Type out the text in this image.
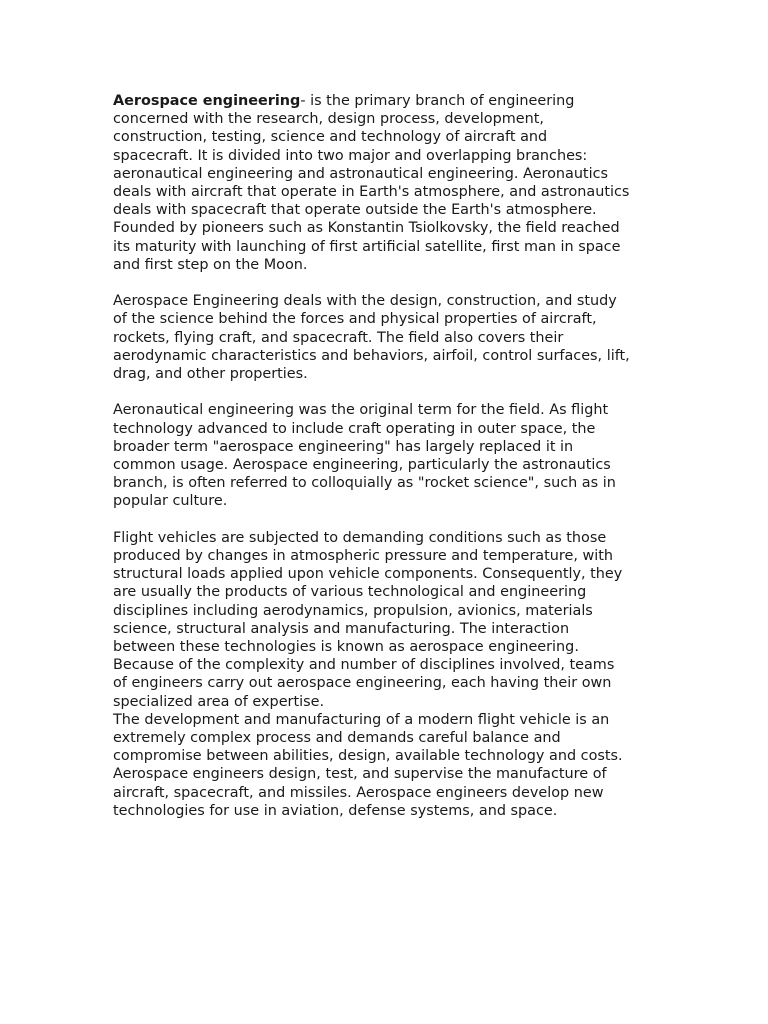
Aerospace engineering- is the primary branch of engineering
concerned with the research, design process, development,
construction, testing, science and technology of aircraft and
spacecraft. It is divided into two major and overlapping branches:
aeronautical engineering and astronautical engineering. Aeronautics
deals with aircraft that operate in Earth's atmosphere, and astronautics
deals with spacecraft that operate outside the Earth's atmosphere.
Founded by pioneers such as Konstantin Tsiolkovsky, the field reached
its maturity with launching of first artificial satellite, first man in space
and first step on the Moon.

Aerospace Engineering deals with the design, construction, and study
of the science behind the forces and physical properties of aircraft,
rockets, flying craft, and spacecraft. The field also covers their
aerodynamic characteristics and behaviors, airfoil, control surfaces, lift,
drag, and other properties.

Aeronautical engineering was the original term for the field. As flight
technology advanced to include craft operating in outer space, the
broader term "aerospace engineering" has largely replaced it in
common usage. Aerospace engineering, particularly the astronautics
branch, is often referred to colloquially as "rocket science", such as in
popular culture.

Flight vehicles are subjected to demanding conditions such as those
produced by changes in atmospheric pressure and temperature, with
structural loads applied upon vehicle components. Consequently, they
are usually the products of various technological and engineering
disciplines including aerodynamics, propulsion, avionics, materials
science, structural analysis and manufacturing. The interaction
between these technologies is known as aerospace engineering.
Because of the complexity and number of disciplines involved, teams
of engineers carry out aerospace engineering, each having their own
specialized area of expertise.

The development and manufacturing of a modern flight vehicle is an
extremely complex process and demands careful balance and
compromise between abilities, design, available technology and costs.
Aerospace engineers design, test, and supervise the manufacture of
aircraft, spacecraft, and missiles. Aerospace engineers develop new
technologies for use in aviation, defense systems, and space.
